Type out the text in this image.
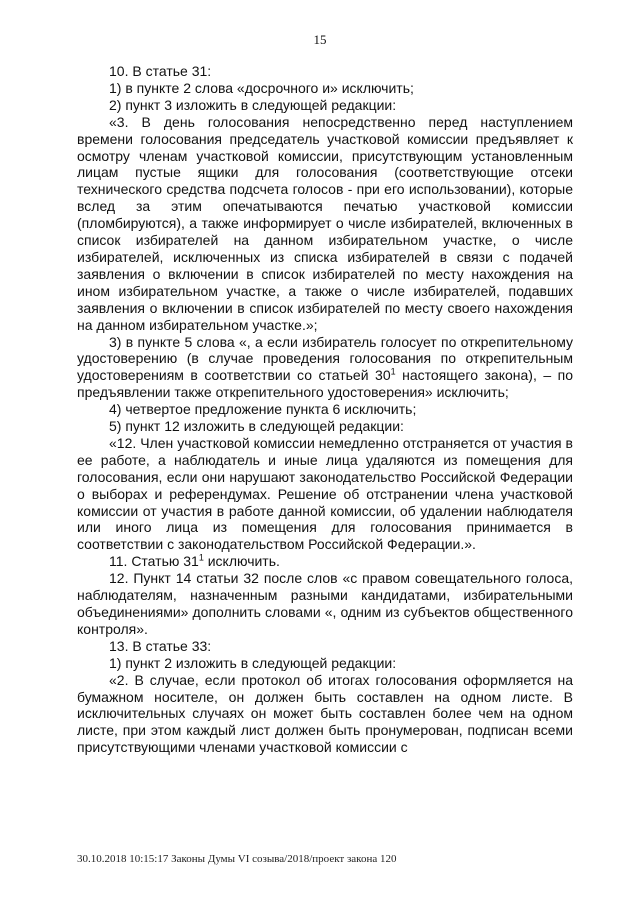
15

10. В статье 31:

1) в пункте 2 слова «досрочного и» исключить;

2) пункт 3 изложить в следующей редакции:

«3. В день голосования непосредственно перед наступлением времени голосования председатель участковой комиссии предъявляет к осмотру членам участковой комиссии, присутствующим установленным лицам пустые ящики для голосования (соответствующие отсеки технического средства подсчета голосов - при его использовании), которые вслед за этим опечатываются печатью участковой комиссии (пломбируются), а также информирует о числе избирателей, включенных в список избирателей на данном избирательном участке, о числе избирателей, исключенных из списка избирателей в связи с подачей заявления о включении в список избирателей по месту нахождения на ином избирательном участке, а также о числе избирателей, подавших заявления о включении в список избирателей по месту своего нахождения на данном избирательном участке.»;

3) в пункте 5 слова «, а если избиратель голосует по открепительному удостоверению (в случае проведения голосования по открепительным удостоверениям в соответствии со статьей $30^1$ настоящего закона), – по предъявлении также открепительного удостоверения» исключить;

4) четвертое предложение пункта 6 исключить;

5) пункт 12 изложить в следующей редакции:

«12. Член участковой комиссии немедленно отстраняется от участия в ее работе, а наблюдатель и иные лица удаляются из помещения для голосования, если они нарушают законодательство Российской Федерации о выборах и референдумах. Решение об отстранении члена участковой комиссии от участия в работе данной комиссии, об удалении наблюдателя или иного лица из помещения для голосования принимается в соответствии с законодательством Российской Федерации.».

11. Статью $31^1$ исключить.

12. Пункт 14 статьи 32 после слов «с правом совещательного голоса, наблюдателям, назначенным разными кандидатами, избирательными объединениями» дополнить словами «, одним из субъектов общественного контроля».

13. В статье 33:

1) пункт 2 изложить в следующей редакции:

«2. В случае, если протокол об итогах голосования оформляется на бумажном носителе, он должен быть составлен на одном листе. В исключительных случаях он может быть составлен более чем на одном листе, при этом каждый лист должен быть пронумерован, подписан всеми присутствующими членами участковой комиссии с

30.10.2018 10:15:17 Законы Думы VI созыва/2018/проект закона 120
